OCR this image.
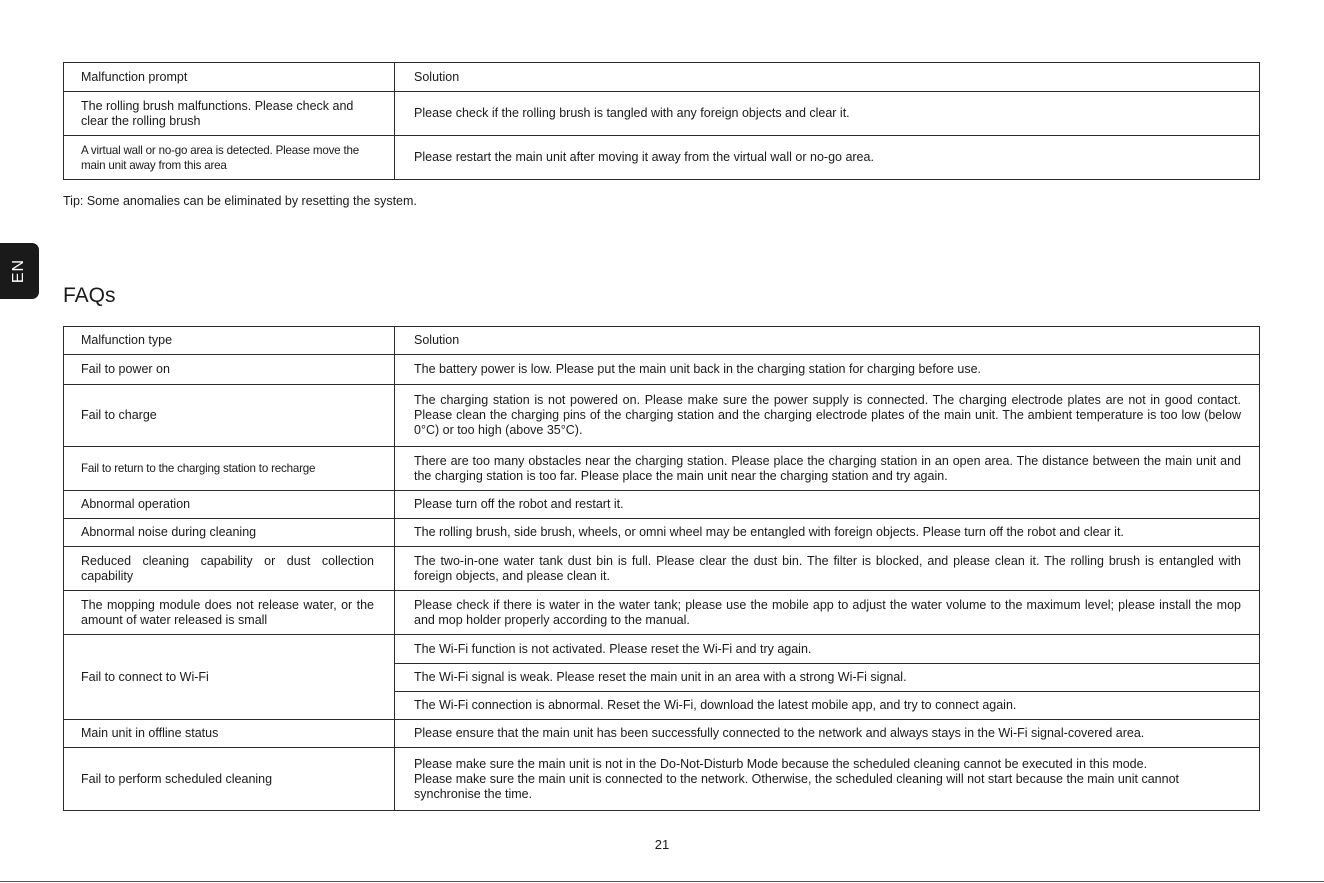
EN
Malfunction prompt	Solution
The rolling brush malfunctions. Please check and clear the rolling brush	Please check if the rolling brush is tangled with any foreign objects and clear it.
A virtual wall or no-go area is detected. Please move the main unit away from this area	Please restart the main unit after moving it away from the virtual wall or no-go area.
Tip: Some anomalies can be eliminated by resetting the system.
FAQs
Malfunction type	Solution
Fail to power on	The battery power is low. Please put the main unit back in the charging station for charging before use.
Fail to charge	The charging station is not powered on. Please make sure the power supply is connected. The charging electrode plates are not in good contact. Please clean the charging pins of the charging station and the charging electrode plates of the main unit. The ambient temperature is too low (below 0°C) or too high (above 35°C).
Fail to return to the charging station to recharge	There are too many obstacles near the charging station. Please place the charging station in an open area. The distance between the main unit and the charging station is too far. Please place the main unit near the charging station and try again.
Abnormal operation	Please turn off the robot and restart it.
Abnormal noise during cleaning	The rolling brush, side brush, wheels, or omni wheel may be entangled with foreign objects. Please turn off the robot and clear it.
Reduced cleaning capability or dust collection capability	The two-in-one water tank dust bin is full. Please clear the dust bin. The filter is blocked, and please clean it. The rolling brush is entangled with foreign objects, and please clean it.
The mopping module does not release water, or the amount of water released is small	Please check if there is water in the water tank; please use the mobile app to adjust the water volume to the maximum level; please install the mop and mop holder properly according to the manual.
Fail to connect to Wi-Fi	The Wi-Fi function is not activated. Please reset the Wi-Fi and try again.
	The Wi-Fi signal is weak. Please reset the main unit in an area with a strong Wi-Fi signal.
	The Wi-Fi connection is abnormal. Reset the Wi-Fi, download the latest mobile app, and try to connect again.
Main unit in offline status	Please ensure that the main unit has been successfully connected to the network and always stays in the Wi-Fi signal-covered area.
Fail to perform scheduled cleaning	Please make sure the main unit is not in the Do-Not-Disturb Mode because the scheduled cleaning cannot be executed in this mode.
Please make sure the main unit is connected to the network. Otherwise, the scheduled cleaning will not start because the main unit cannot synchronise the time.
21
